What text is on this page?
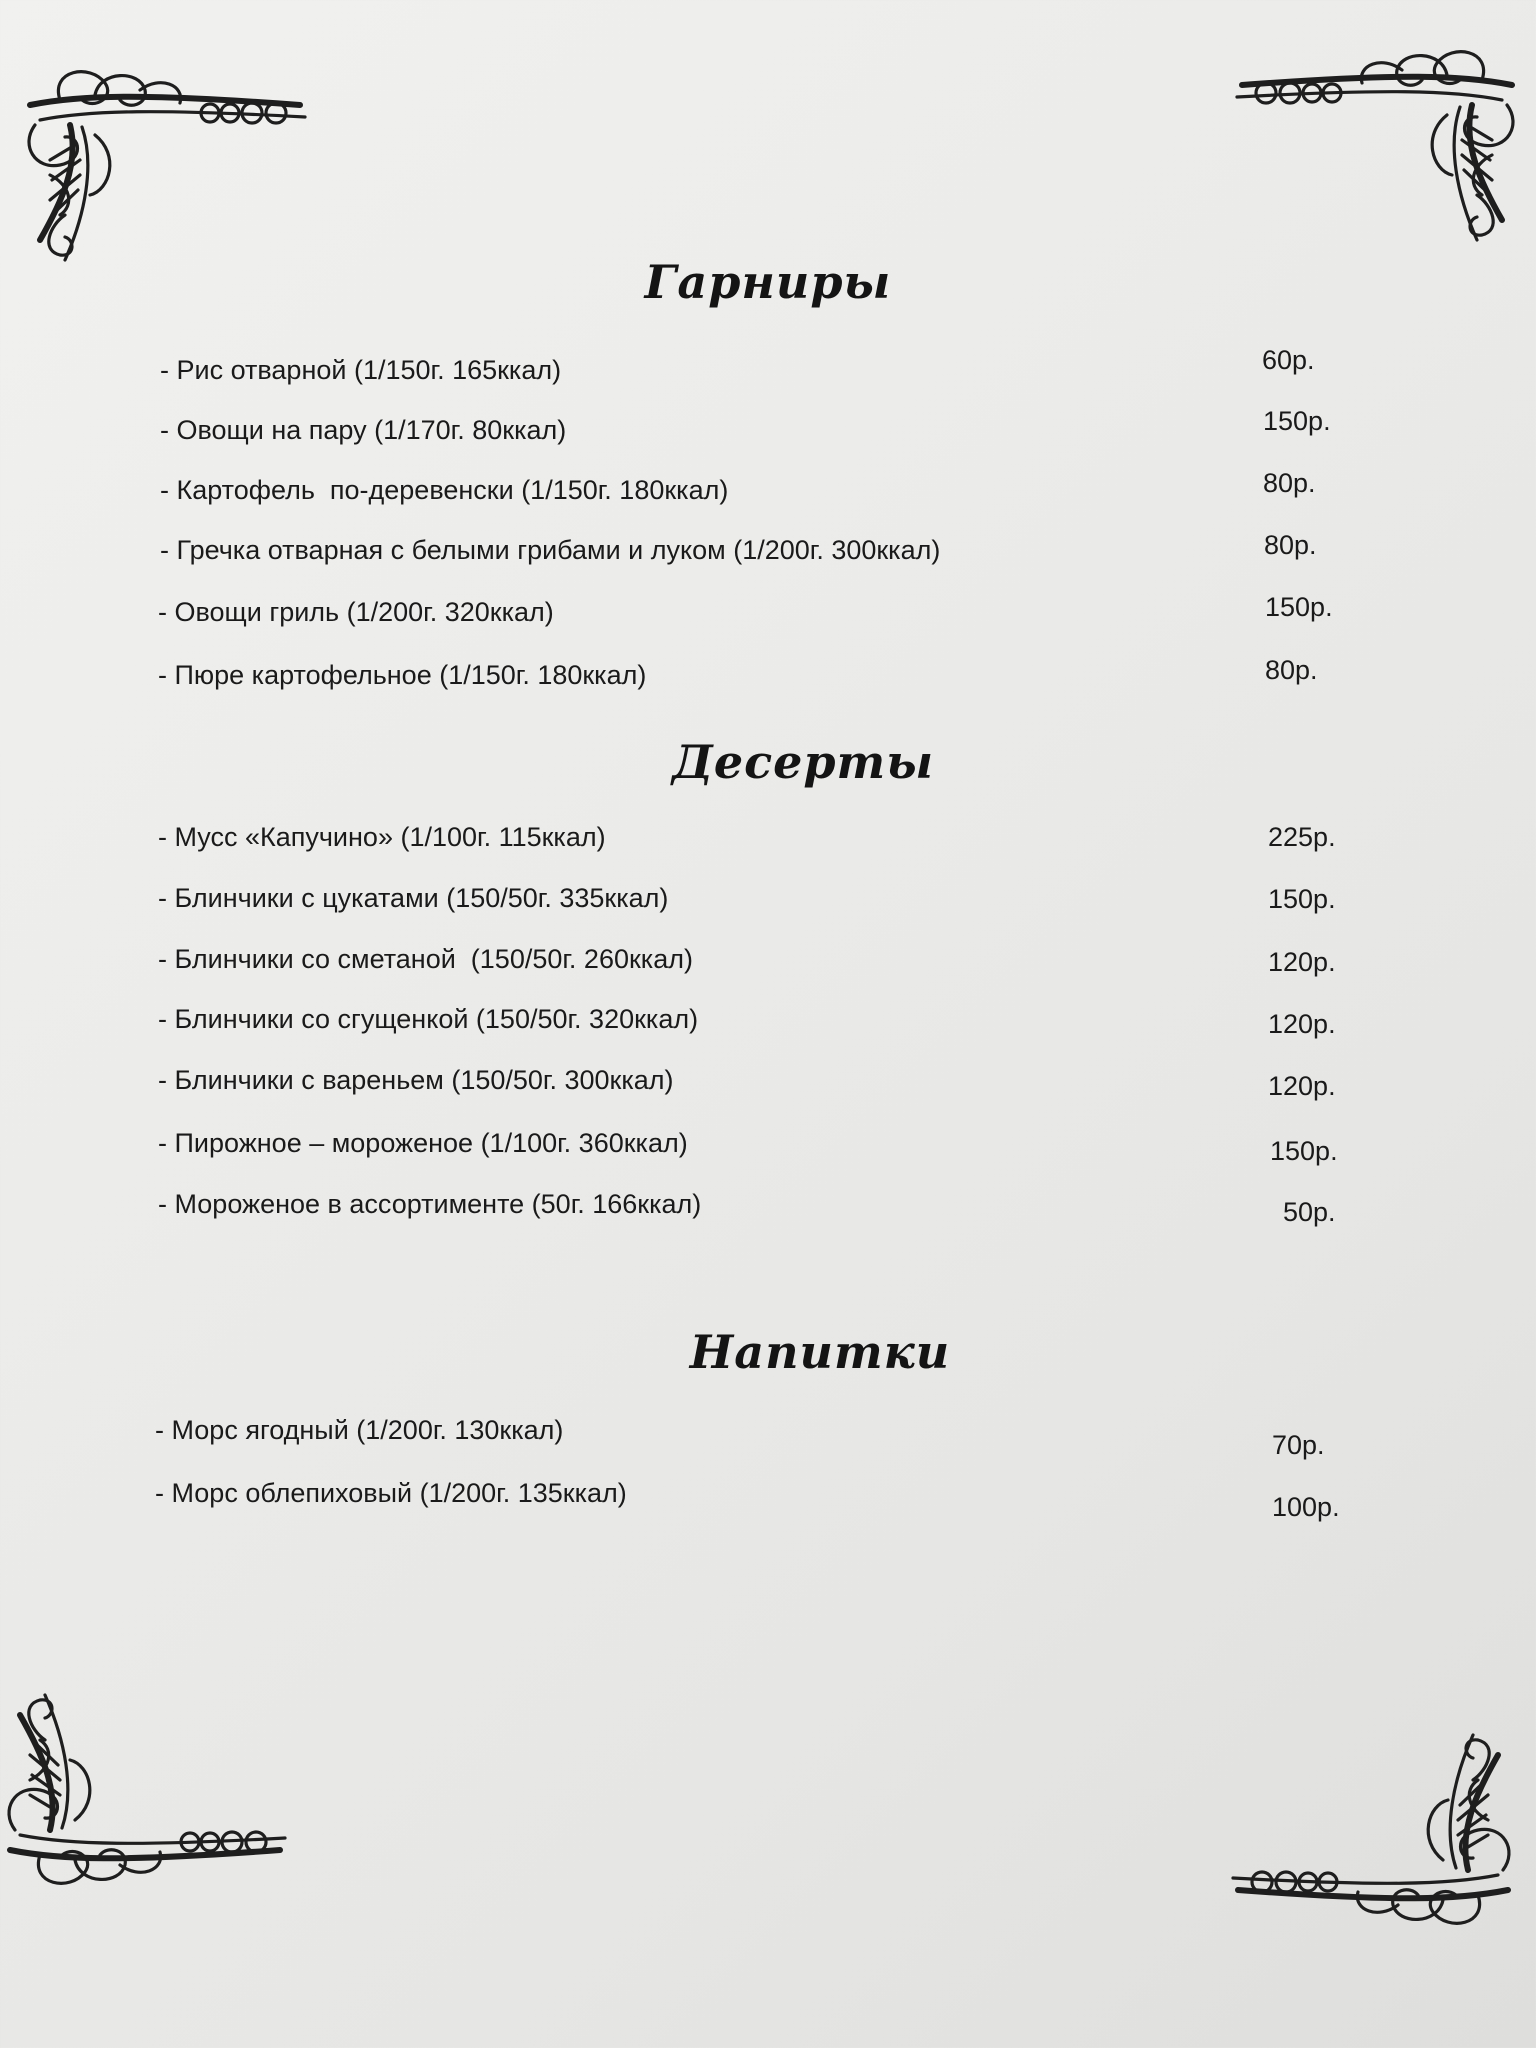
Гарниры
- Рис отварной (1/150г. 165ккал)	60р.
- Овощи на пару (1/170г. 80ккал)	150р.
- Картофель  по-деревенски (1/150г. 180ккал)	80р.
- Гречка отварная с белыми грибами и луком (1/200г. 300ккал)	80р.
- Овощи гриль (1/200г. 320ккал)	150р.
- Пюре картофельное (1/150г. 180ккал)	80р.
Десерты
- Мусс «Капучино» (1/100г. 115ккал)	225р.
- Блинчики с цукатами (150/50г. 335ккал)	150р.
- Блинчики со сметаной  (150/50г. 260ккал)	120р.
- Блинчики со сгущенкой (150/50г. 320ккал)	120р.
- Блинчики с вареньем (150/50г. 300ккал)	120р.
- Пирожное – мороженое (1/100г. 360ккал)	150р.
- Мороженое в ассортименте (50г. 166ккал)	50р.
Напитки
- Морс ягодный (1/200г. 130ккал)	70р.
- Морс облепиховый (1/200г. 135ккал)	100р.
